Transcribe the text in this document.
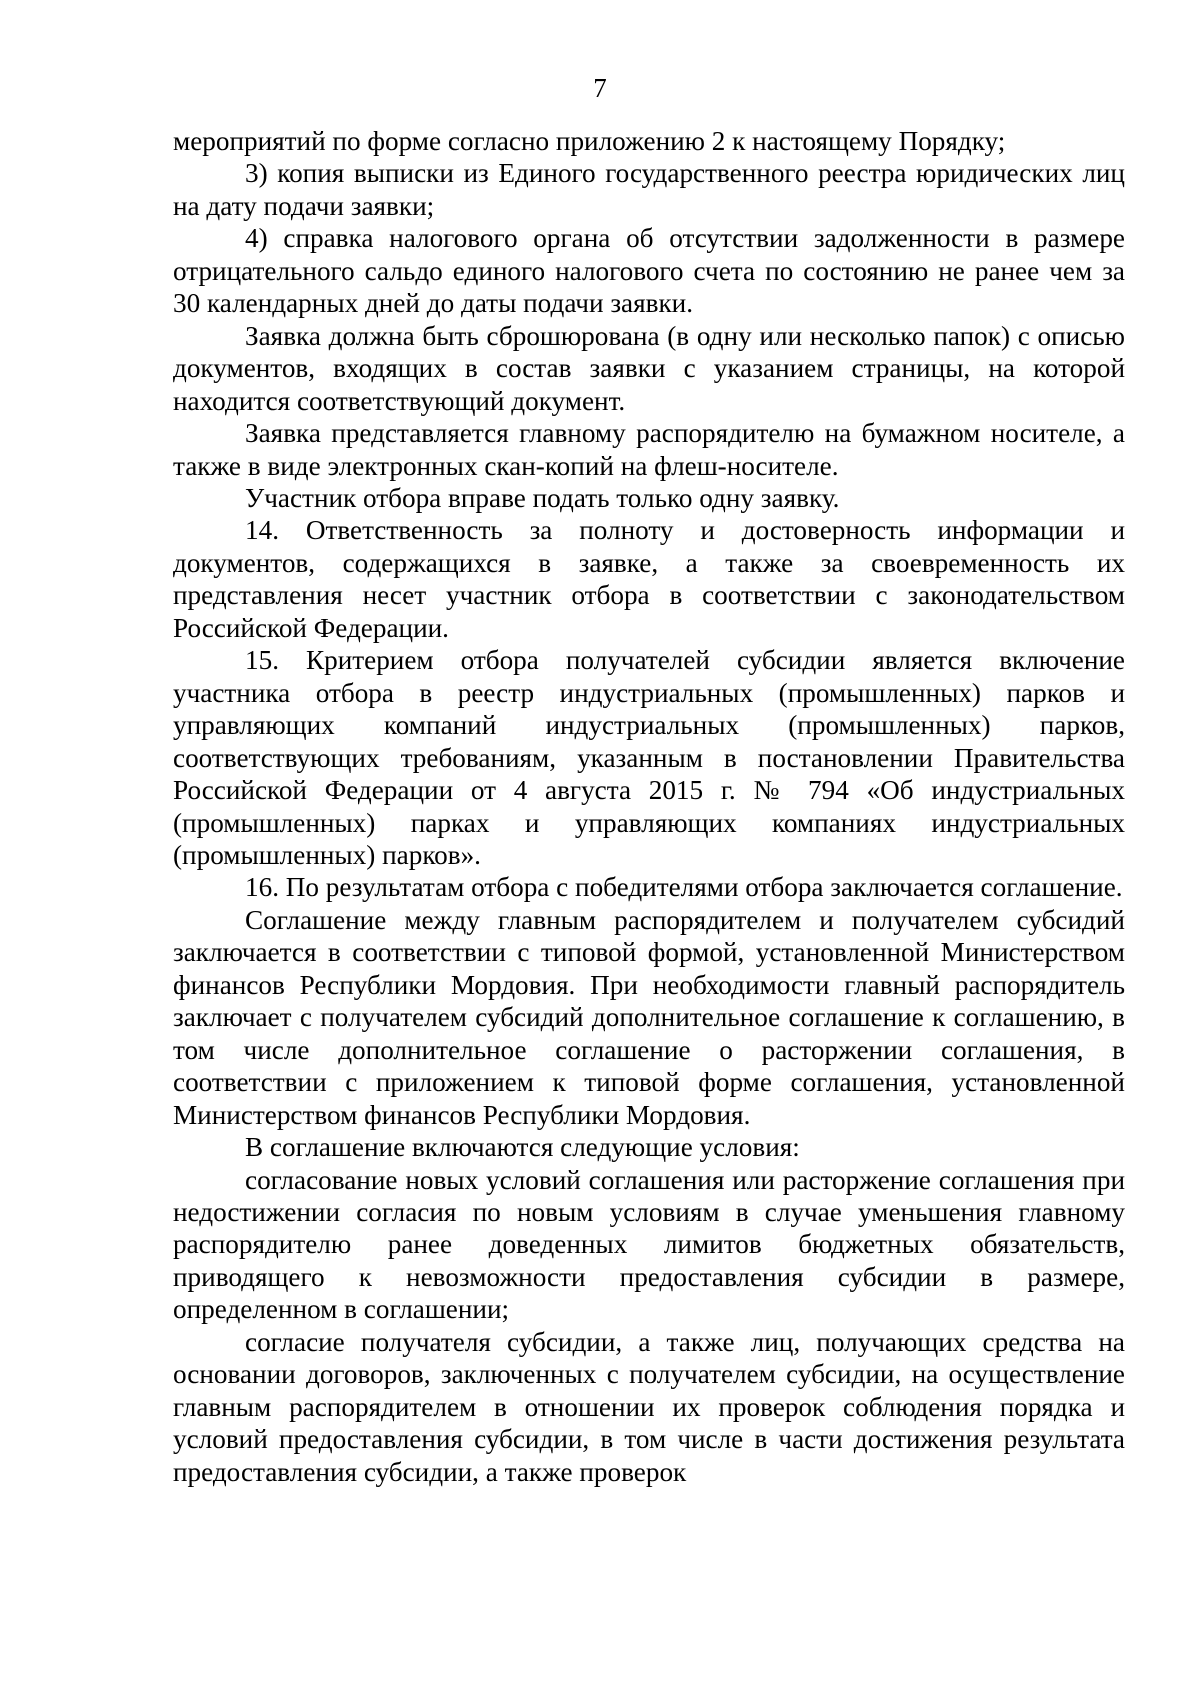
7

мероприятий по форме согласно приложению 2 к настоящему Порядку;

3) копия выписки из Единого государственного реестра юридических лиц на дату подачи заявки;

4) справка налогового органа об отсутствии задолженности в размере отрицательного сальдо единого налогового счета по состоянию не ранее чем за 30 календарных дней до даты подачи заявки.

Заявка должна быть сброшюрована (в одну или несколько папок) с описью документов, входящих в состав заявки с указанием страницы, на которой находится соответствующий документ.

Заявка представляется главному распорядителю на бумажном носителе, а также в виде электронных скан-копий на флеш-носителе.

Участник отбора вправе подать только одну заявку.

14. Ответственность за полноту и достоверность информации и документов, содержащихся в заявке, а также за своевременность их представления несет участник отбора в соответствии с законодательством Российской Федерации.

15. Критерием отбора получателей субсидии является включение участника отбора в реестр индустриальных (промышленных) парков и управляющих компаний индустриальных (промышленных) парков, соответствующих требованиям, указанным в постановлении Правительства Российской Федерации от 4 августа 2015 г. № 794 «Об индустриальных (промышленных) парках и управляющих компаниях индустриальных (промышленных) парков».

16. По результатам отбора с победителями отбора заключается соглашение.

Соглашение между главным распорядителем и получателем субсидий заключается в соответствии с типовой формой, установленной Министерством финансов Республики Мордовия. При необходимости главный распорядитель заключает с получателем субсидий дополнительное соглашение к соглашению, в том числе дополнительное соглашение о расторжении соглашения, в соответствии с приложением к типовой форме соглашения, установленной Министерством финансов Республики Мордовия.

В соглашение включаются следующие условия:

согласование новых условий соглашения или расторжение соглашения при недостижении согласия по новым условиям в случае уменьшения главному распорядителю ранее доведенных лимитов бюджетных обязательств, приводящего к невозможности предоставления субсидии в размере, определенном в соглашении;

согласие получателя субсидии, а также лиц, получающих средства на основании договоров, заключенных с получателем субсидии, на осуществление главным распорядителем в отношении их проверок соблюдения порядка и условий предоставления субсидии, в том числе в части достижения результата предоставления субсидии, а также проверок
